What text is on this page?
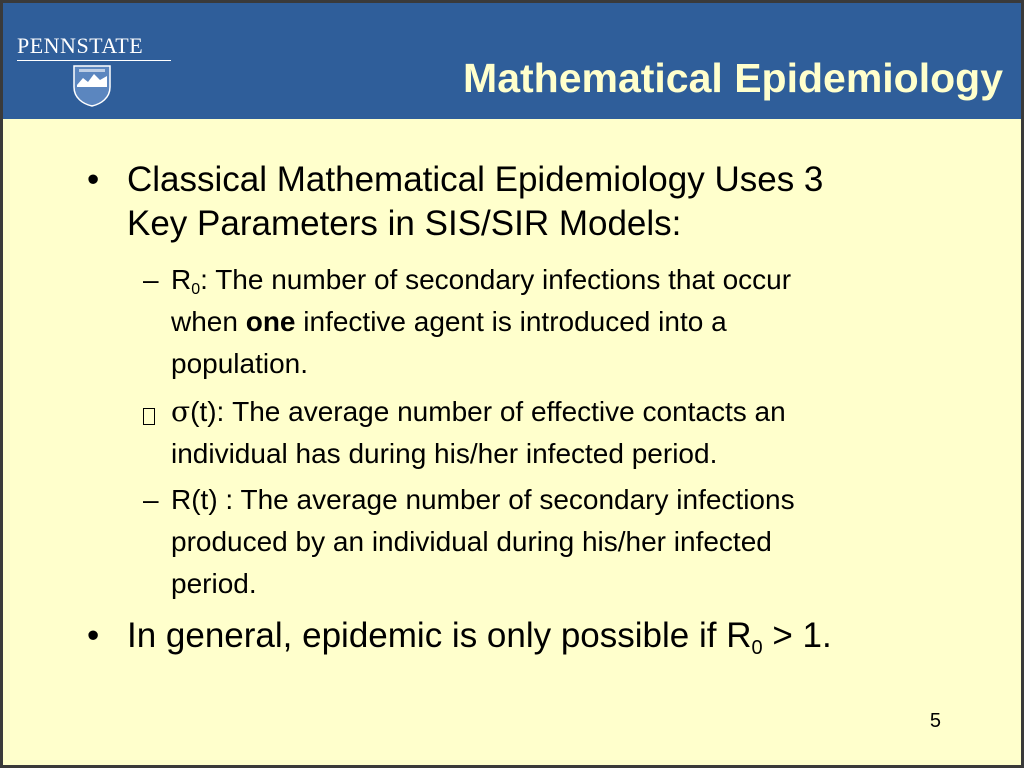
PENNSTATE
Mathematical Epidemiology
• Classical Mathematical Epidemiology Uses 3
Key Parameters in SIS/SIR Models:
– $R_0$: The number of secondary infections that occur
when one infective agent is introduced into a
population.
σ(t): The average number of effective contacts an
individual has during his/her infected period.
– R(t) : The average number of secondary infections
produced by an individual during his/her infected
period.
• In general, epidemic is only possible if $R_0 > 1$.
5
